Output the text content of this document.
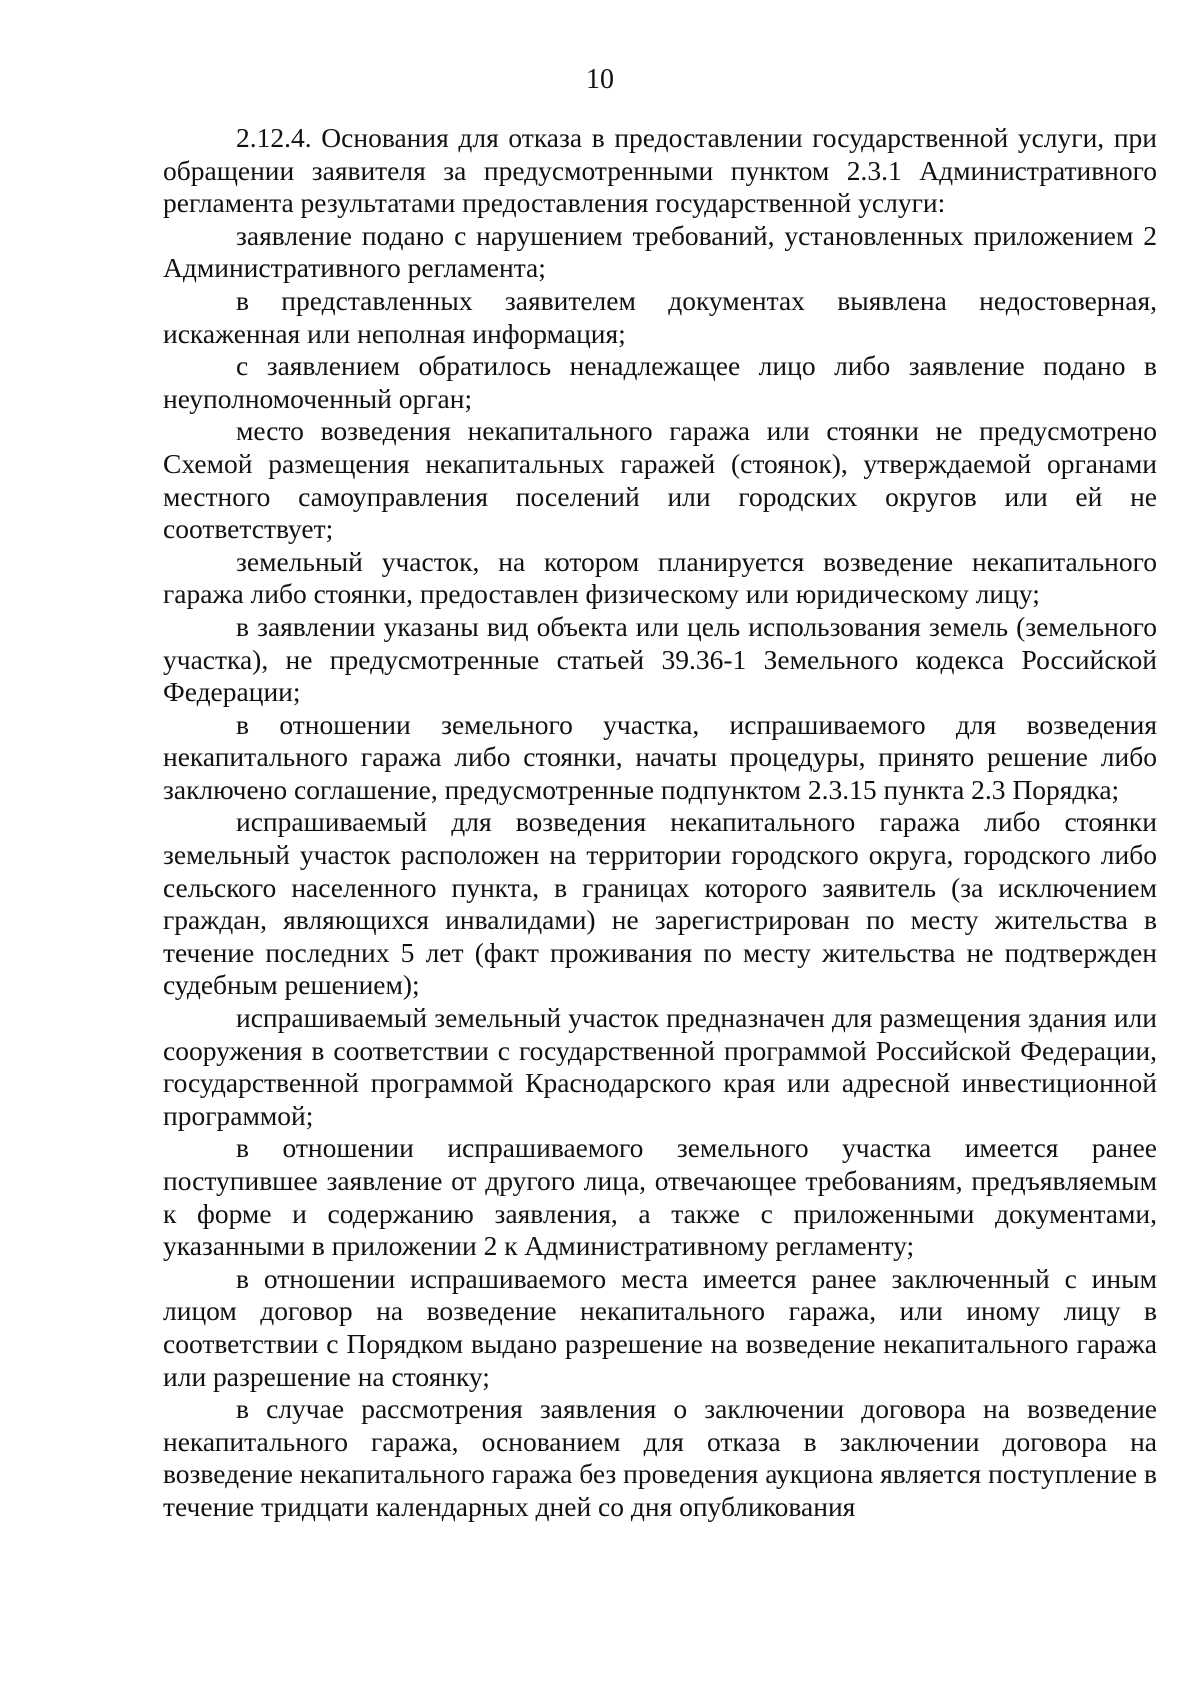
10

2.12.4. Основания для отказа в предоставлении государственной услуги, при обращении заявителя за предусмотренными пунктом 2.3.1 Административного регламента результатами предоставления государственной услуги:

заявление подано с нарушением требований, установленных приложением 2 Административного регламента;

в представленных заявителем документах выявлена недостоверная, искаженная или неполная информация;

с заявлением обратилось ненадлежащее лицо либо заявление подано в неуполномоченный орган;

место возведения некапитального гаража или стоянки не предусмотрено Схемой размещения некапитальных гаражей (стоянок), утверждаемой органами местного самоуправления поселений или городских округов или ей не соответствует;

земельный участок, на котором планируется возведение некапитального гаража либо стоянки, предоставлен физическому или юридическому лицу;

в заявлении указаны вид объекта или цель использования земель (земельного участка), не предусмотренные статьей 39.36-1 Земельного кодекса Российской Федерации;

в отношении земельного участка, испрашиваемого для возведения некапитального гаража либо стоянки, начаты процедуры, принято решение либо заключено соглашение, предусмотренные подпунктом 2.3.15 пункта 2.3 Порядка;

испрашиваемый для возведения некапитального гаража либо стоянки земельный участок расположен на территории городского округа, городского либо сельского населенного пункта, в границах которого заявитель (за исключением граждан, являющихся инвалидами) не зарегистрирован по месту жительства в течение последних 5 лет (факт проживания по месту жительства не подтвержден судебным решением);

испрашиваемый земельный участок предназначен для размещения здания или сооружения в соответствии с государственной программой Российской Федерации, государственной программой Краснодарского края или адресной инвестиционной программой;

в отношении испрашиваемого земельного участка имеется ранее поступившее заявление от другого лица, отвечающее требованиям, предъявляемым к форме и содержанию заявления, а также с приложенными документами, указанными в приложении 2 к Административному регламенту;

в отношении испрашиваемого места имеется ранее заключенный с иным лицом договор на возведение некапитального гаража, или иному лицу в соответствии с Порядком выдано разрешение на возведение некапитального гаража или разрешение на стоянку;

в случае рассмотрения заявления о заключении договора на возведение некапитального гаража, основанием для отказа в заключении договора на возведение некапитального гаража без проведения аукциона является поступление в течение тридцати календарных дней со дня опубликования
